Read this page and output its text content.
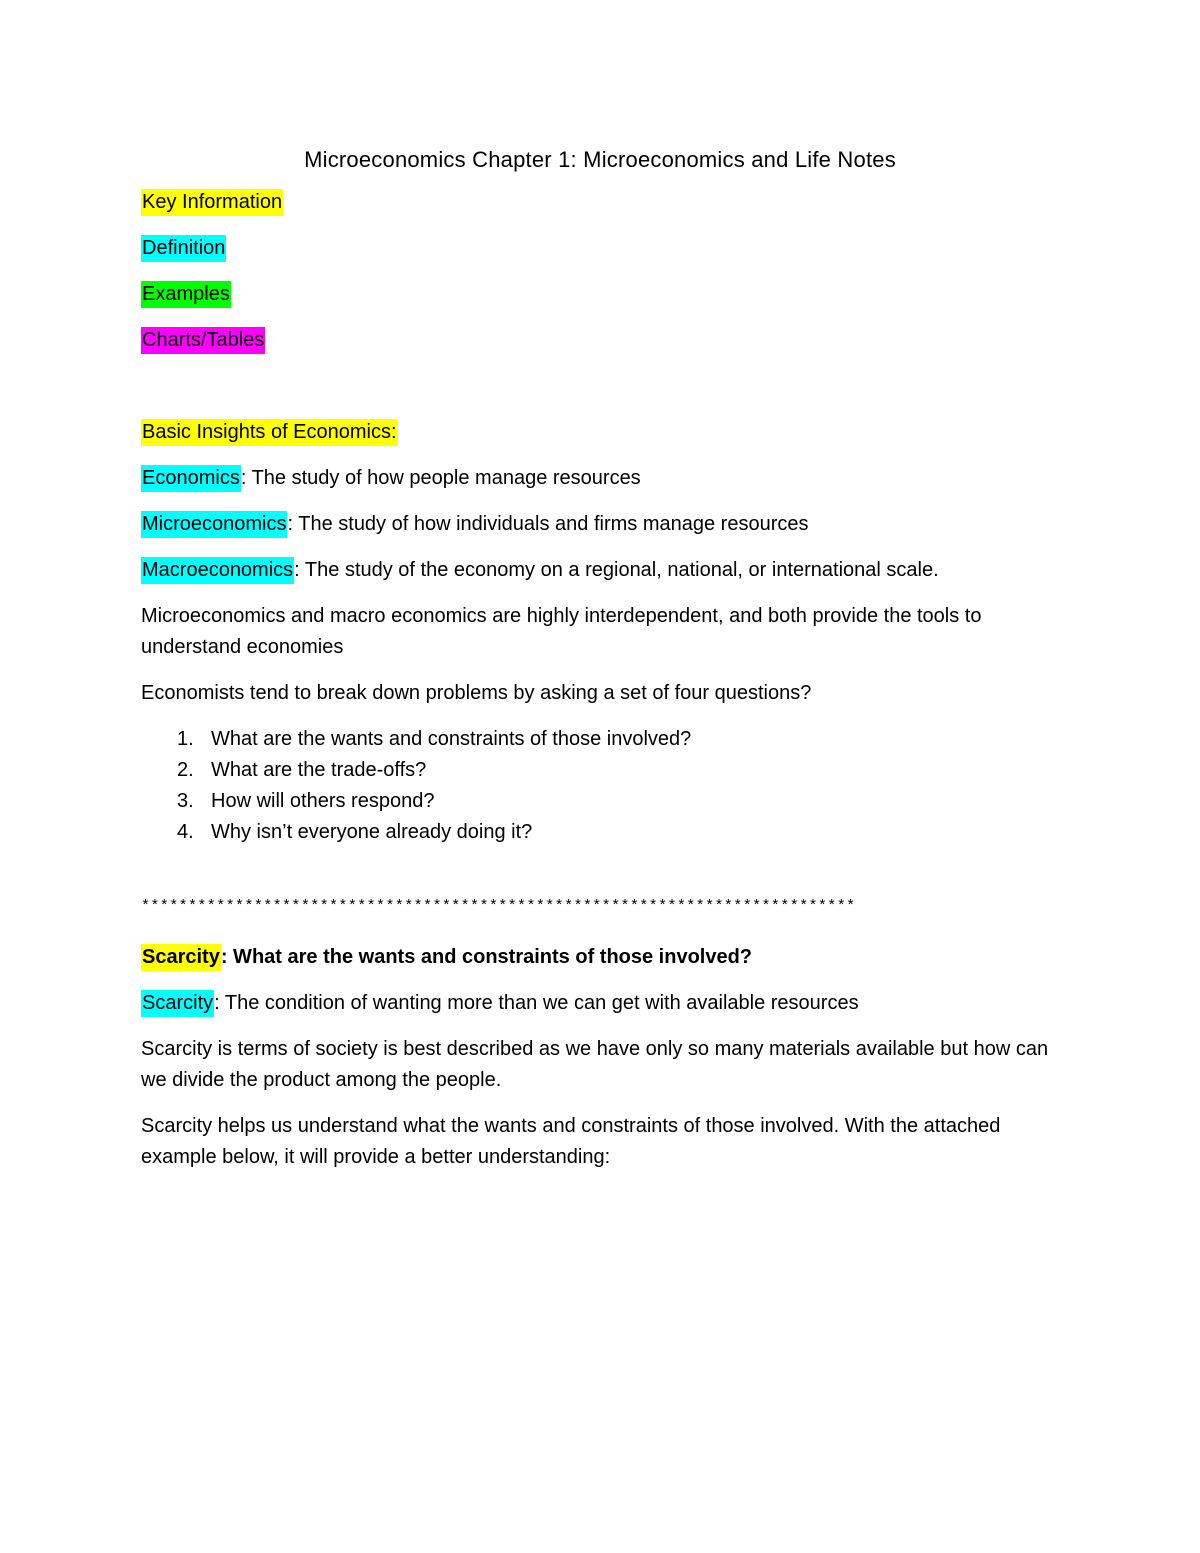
Microeconomics Chapter 1: Microeconomics and Life Notes

Key Information

Definition

Examples

Charts/Tables

Basic Insights of Economics:

Economics: The study of how people manage resources

Microeconomics: The study of how individuals and firms manage resources

Macroeconomics: The study of the economy on a regional, national, or international scale.

Microeconomics and macro economics are highly interdependent, and both provide the tools to understand economies

Economists tend to break down problems by asking a set of four questions?

1. What are the wants and constraints of those involved?
2. What are the trade-offs?
3. How will others respond?
4. Why isn’t everyone already doing it?

****************************************************************************

Scarcity: What are the wants and constraints of those involved?

Scarcity: The condition of wanting more than we can get with available resources

Scarcity is terms of society is best described as we have only so many materials available but how can we divide the product among the people.

Scarcity helps us understand what the wants and constraints of those involved. With the attached example below, it will provide a better understanding:
